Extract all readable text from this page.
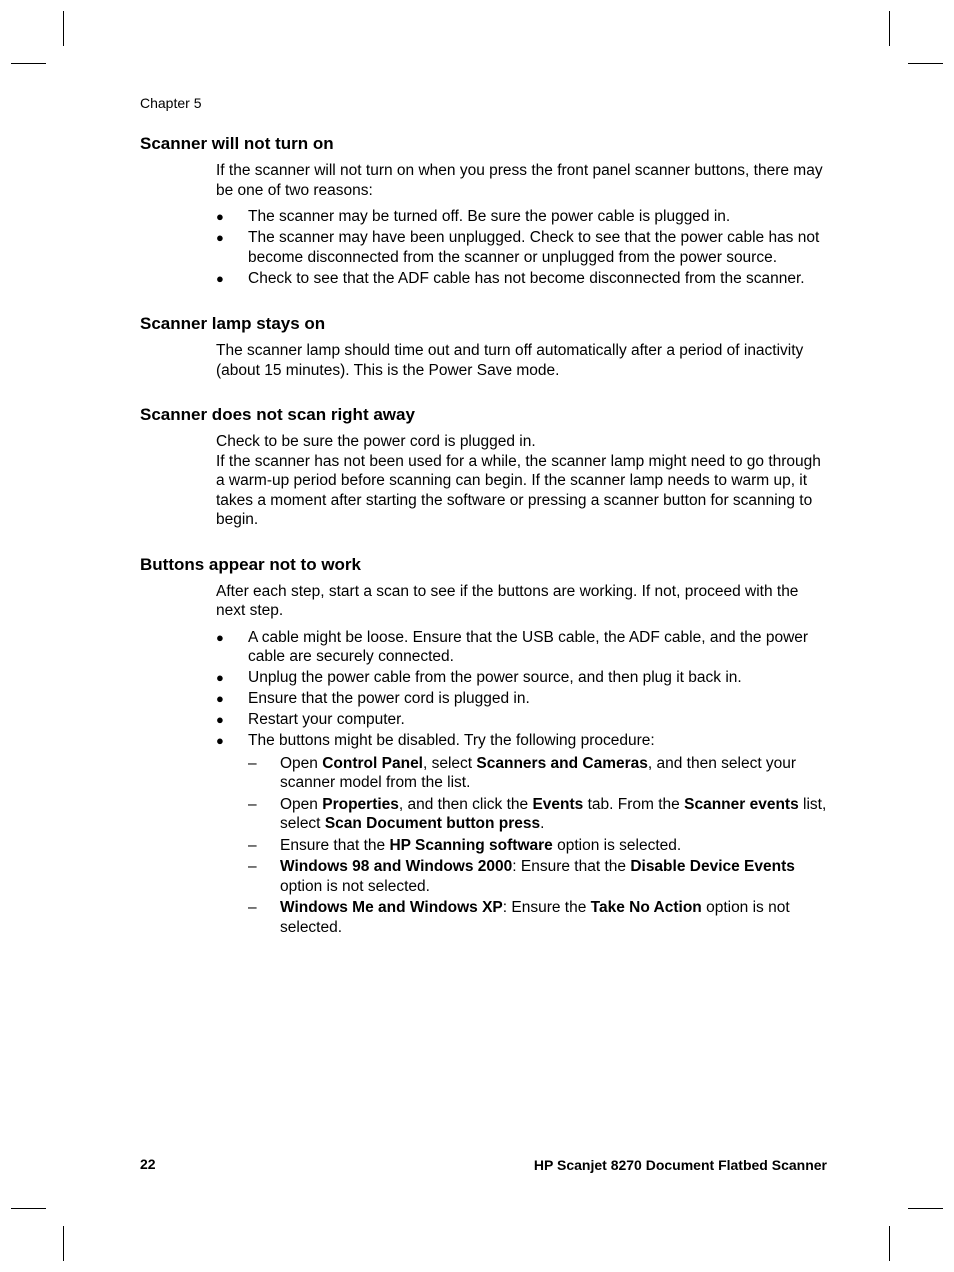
Chapter 5
Scanner will not turn on

If the scanner will not turn on when you press the front panel scanner buttons, there may be one of two reasons:

● The scanner may be turned off. Be sure the power cable is plugged in.
● The scanner may have been unplugged. Check to see that the power cable has not become disconnected from the scanner or unplugged from the power source.
● Check to see that the ADF cable has not become disconnected from the scanner.
Scanner lamp stays on

The scanner lamp should time out and turn off automatically after a period of inactivity (about 15 minutes). This is the Power Save mode.

Scanner does not scan right away

Check to be sure the power cord is plugged in.

If the scanner has not been used for a while, the scanner lamp might need to go through a warm-up period before scanning can begin. If the scanner lamp needs to warm up, it takes a moment after starting the software or pressing a scanner button for scanning to begin.

Buttons appear not to work

After each step, start a scan to see if the buttons are working. If not, proceed with the next step.

● A cable might be loose. Ensure that the USB cable, the ADF cable, and the power cable are securely connected.
● Unplug the power cable from the power source, and then plug it back in.
● Ensure that the power cord is plugged in.
● Restart your computer.
● The buttons might be disabled. Try the following procedure:
– Open Control Panel, select Scanners and Cameras, and then select your scanner model from the list.
– Open Properties, and then click the Events tab. From the Scanner events list, select Scan Document button press.
– Ensure that the HP Scanning software option is selected.
– Windows 98 and Windows 2000: Ensure that the Disable Device Events option is not selected.
– Windows Me and Windows XP: Ensure the Take No Action option is not selected.
22	HP Scanjet 8270 Document Flatbed Scanner
